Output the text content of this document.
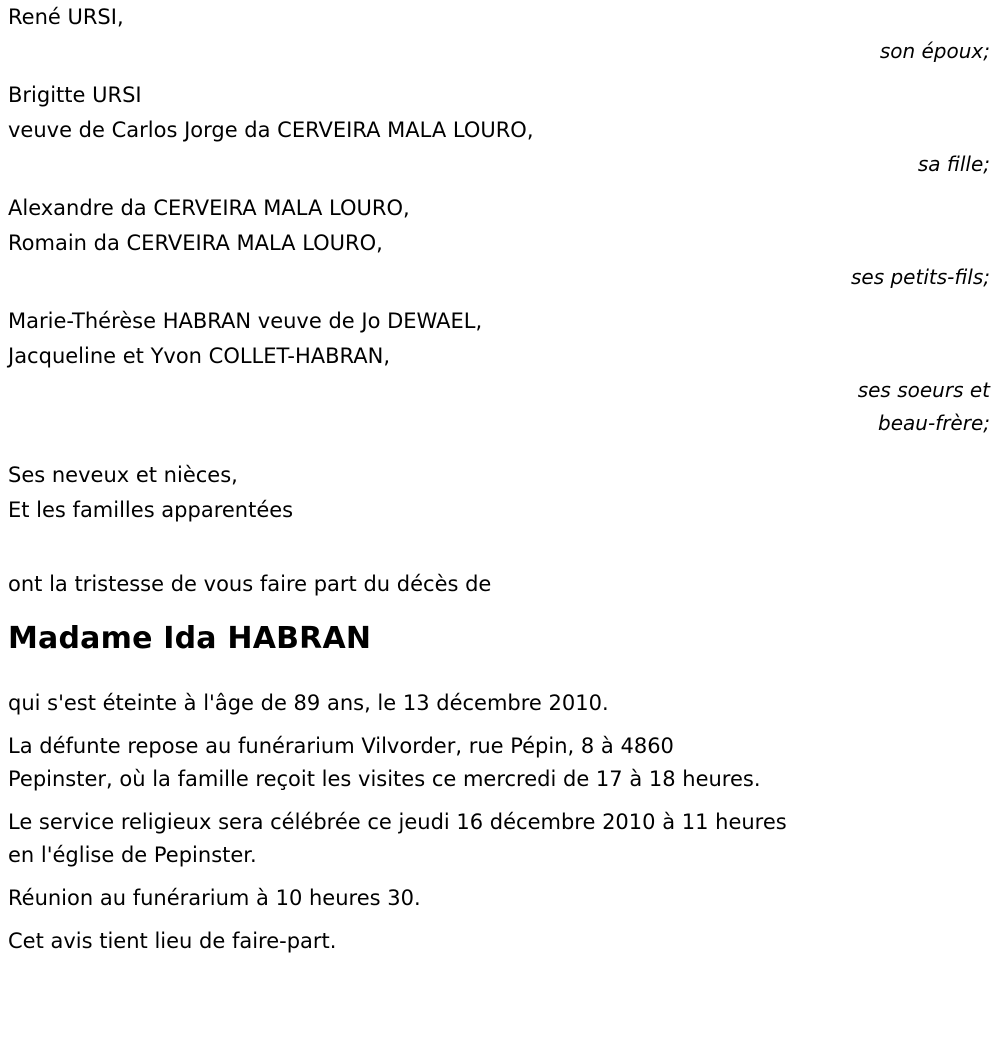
René URSI,
son époux;
Brigitte URSI
veuve de Carlos Jorge da CERVEIRA MALA LOURO,
sa fille;
Alexandre da CERVEIRA MALA LOURO,
Romain da CERVEIRA MALA LOURO,
ses petits-fils;
Marie-Thérèse HABRAN veuve de Jo DEWAEL,
Jacqueline et Yvon COLLET-HABRAN,
ses soeurs et
beau-frère;
Ses neveux et nièces,
Et les familles apparentées
ont la tristesse de vous faire part du décès de
Madame Ida HABRAN
qui s'est éteinte à l'âge de 89 ans, le 13 décembre 2010.
La défunte repose au funérarium Vilvorder, rue Pépin, 8 à 4860
Pepinster, où la famille reçoit les visites ce mercredi de 17 à 18 heures.
Le service religieux sera célébrée ce jeudi 16 décembre 2010 à 11 heures
en l'église de Pepinster.
Réunion au funérarium à 10 heures 30.
Cet avis tient lieu de faire-part.
